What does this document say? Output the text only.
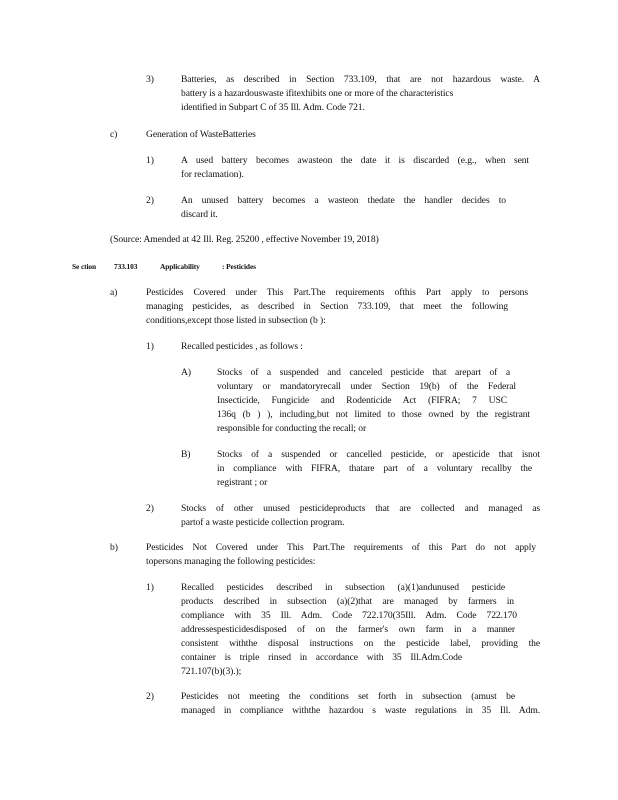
3)	Batteries, as described in Section 733.109, that are not hazardous waste. A
battery is a hazardouswaste ifitexhibits one or more of the characteristics
identified in Subpart C of 35 Ill. Adm. Code 721.
c)	Generation of WasteBatteries
1)	A used battery becomes awasteon the date it is discarded (e.g., when sent
for reclamation).
2)	An unused battery becomes a wasteon thedate the handler decides to
discard it.
(Source: Amended at 42 Ill. Reg. 25200 , effective November 19, 2018)
Se ction 733.103	Applicability	: Pesticides
a)	Pesticides Covered under This Part.The requirements ofthis Part apply to persons
managing pesticides, as described in Section 733.109, that meet the following
conditions,except those listed in subsection (b ):
1)	Recalled pesticides , as follows :
A)	Stocks of a suspended and canceled pesticide that arepart of a
voluntary or mandatoryrecall under Section 19(b) of the Federal
Insecticide, Fungicide and Rodenticide Act (FIFRA; 7 USC
136q (b ) ), including,but not limited to those owned by the registrant
responsible for conducting the recall; or
B)	Stocks of a suspended or cancelled pesticide, or apesticide that isnot
in compliance with FIFRA, thatare part of a voluntary recallby the
registrant ; or
2)	Stocks of other unused pesticideproducts that are collected and managed as
partof a waste pesticide collection program.
b)	Pesticides Not Covered under This Part.The requirements of this Part do not apply
topersons managing the following pesticides:
1)	Recalled pesticides described in subsection (a)(1)andunused pesticide
products described in subsection (a)(2)that are managed by farmers in
compliance with 35 Ill. Adm. Code 722.170(35Ill. Adm. Code 722.170
addressespesticidesdisposed of on the farmer's own farm in a manner
consistent withthe disposal instructions on the pesticide label, providing the
container is triple rinsed in accordance with 35 Ill.Adm.Code
721.107(b)(3).);
2)	Pesticides not meeting the conditions set forth in subsection (amust be
managed in compliance withthe hazardou s waste regulations in 35 Ill. Adm.
